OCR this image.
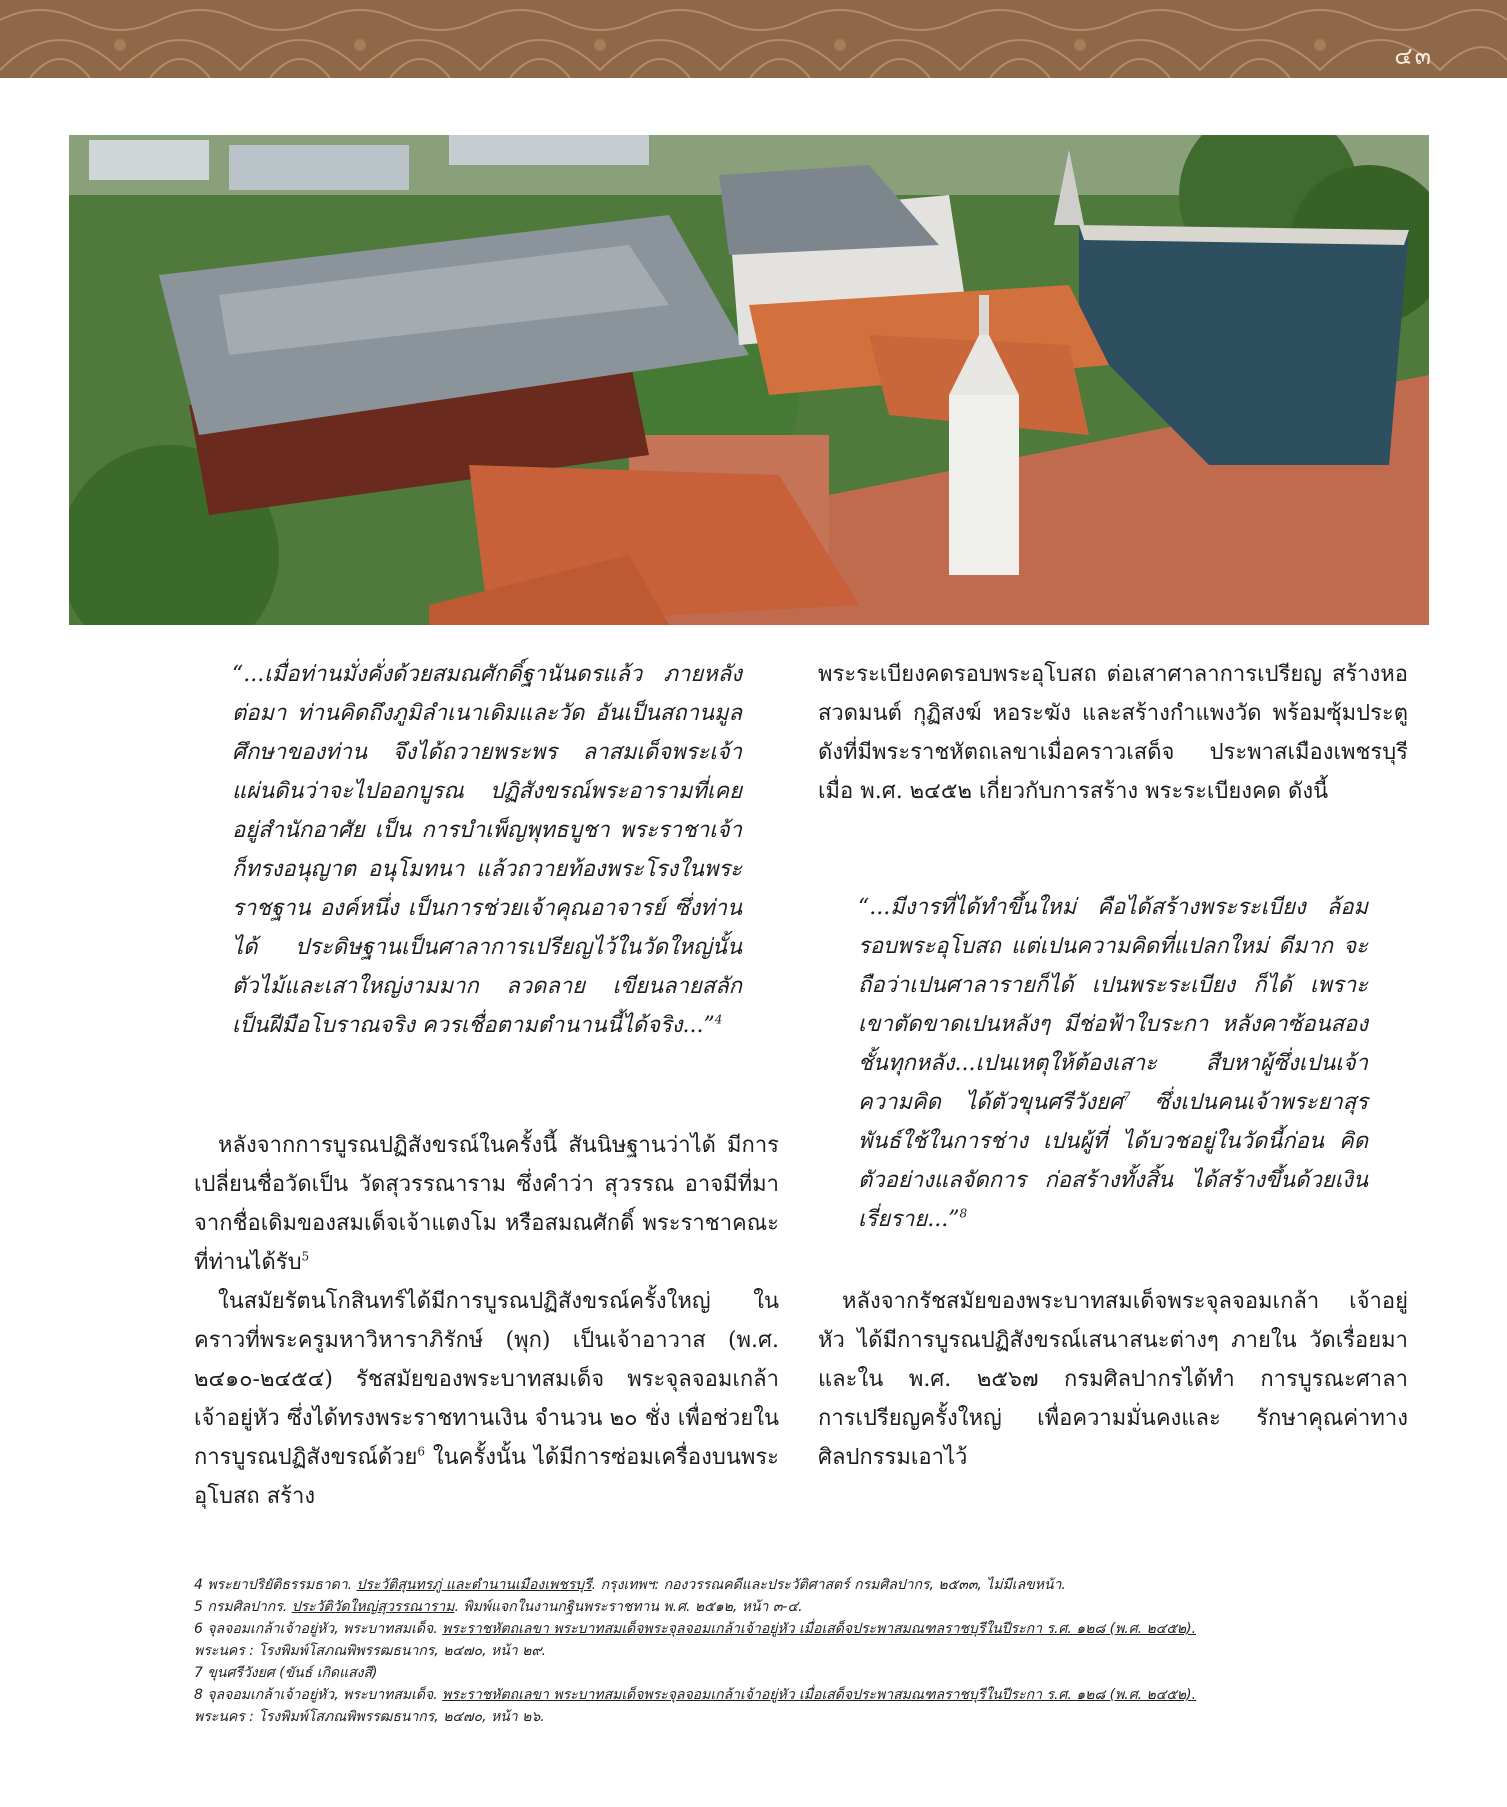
๔๓

“...เมื่อท่านมั่งคั่งด้วยสมณศักดิ์ฐานันดรแล้ว ภายหลังต่อมา ท่านคิดถึงภูมิลำเนาเดิมและวัด อันเป็นสถานมูลศึกษาของท่าน จึงได้ถวายพระพร ลาสมเด็จพระเจ้าแผ่นดินว่าจะไปออกบูรณ ปฏิสังขรณ์พระอารามที่เคยอยู่สำนักอาศัย เป็น การบำเพ็ญพุทธบูชา พระราชาเจ้าก็ทรงอนุญาต อนุโมทนา แล้วถวายท้องพระโรงในพระราชฐาน องค์หนึ่ง เป็นการช่วยเจ้าคุณอาจารย์ ซึ่งท่านได้ ประดิษฐานเป็นศาลาการเปรียญไว้ในวัดใหญ่นั้น ตัวไม้และเสาใหญ่งามมาก ลวดลาย เขียนลายสลัก เป็นฝีมือโบราณจริง ควรเชื่อตามตำนานนี้ได้จริง...”$^4$

หลังจากการบูรณปฏิสังขรณ์ในครั้งนี้ สันนิษฐานว่าได้ มีการเปลี่ยนชื่อวัดเป็น วัดสุวรรณาราม ซึ่งคำว่า สุวรรณ อาจมีที่มาจากชื่อเดิมของสมเด็จเจ้าแตงโม หรือสมณศักดิ์ พระราชาคณะที่ท่านได้รับ$^5$

ในสมัยรัตนโกสินทร์ได้มีการบูรณปฏิสังขรณ์ครั้งใหญ่ ในคราวที่พระครูมหาวิหาราภิรักษ์ (พุก) เป็นเจ้าอาวาส (พ.ศ. ๒๔๑๐-๒๔๕๔) รัชสมัยของพระบาทสมเด็จ พระจุลจอมเกล้าเจ้าอยู่หัว ซึ่งได้ทรงพระราชทานเงิน จำนวน ๒๐ ชั่ง เพื่อช่วยในการบูรณปฏิสังขรณ์ด้วย$^6$ ในครั้งนั้น ได้มีการซ่อมเครื่องบนพระอุโบสถ สร้าง

พระระเบียงคดรอบพระอุโบสถ ต่อเสาศาลาการเปรียญ สร้างหอสวดมนต์ กุฏิสงฆ์ หอระฆัง และสร้างกำแพงวัด พร้อมซุ้มประตู ดังที่มีพระราชหัตถเลขาเมื่อคราวเสด็จ ประพาสเมืองเพชรบุรี เมื่อ พ.ศ. ๒๔๕๒ เกี่ยวกับการสร้าง พระระเบียงคด ดังนี้

“...มีงารที่ได้ทำขึ้นใหม่ คือได้สร้างพระระเบียง ล้อมรอบพระอุโบสถ แต่เปนความคิดที่แปลกใหม่ ดีมาก จะถือว่าเปนศาลารายก็ได้ เปนพระระเบียง ก็ได้ เพราะเขาตัดขาดเปนหลังๆ มีช่อฟ้าใบระกา หลังคาซ้อนสองชั้นทุกหลัง...เปนเหตุให้ต้องเสาะ สืบหาผู้ซึ่งเปนเจ้าความคิด ได้ตัวขุนศรีวังยศ$^7$ ซึ่งเปนคนเจ้าพระยาสุรพันธ์ใช้ในการช่าง เปนผู้ที่ ได้บวชอยู่ในวัดนี้ก่อน คิดตัวอย่างแลจัดการ ก่อสร้างทั้งสิ้น ได้สร้างขึ้นด้วยเงินเรี่ยราย...”$^8$

หลังจากรัชสมัยของพระบาทสมเด็จพระจุลจอมเกล้า เจ้าอยู่หัว ได้มีการบูรณปฏิสังขรณ์เสนาสนะต่างๆ ภายใน วัดเรื่อยมา และใน พ.ศ. ๒๕๖๗ กรมศิลปากรได้ทำ การบูรณะศาลาการเปรียญครั้งใหญ่ เพื่อความมั่นคงและ รักษาคุณค่าทางศิลปกรรมเอาไว้

4 พระยาปริยัติธรรมธาดา. ประวัติสุนทรภู่ และตำนานเมืองเพชรบุรี. กรุงเทพฯ: กองวรรณคดีและประวัติศาสตร์ กรมศิลปากร, ๒๕๓๓, ไม่มีเลขหน้า.
5 กรมศิลปากร. ประวัติวัดใหญ่สุวรรณาราม. พิมพ์แจกในงานกฐินพระราชทาน พ.ศ. ๒๕๑๒, หน้า ๓-๔.
6 จุลจอมเกล้าเจ้าอยู่หัว, พระบาทสมเด็จ. พระราชหัตถเลขา พระบาทสมเด็จพระจุลจอมเกล้าเจ้าอยู่หัว เมื่อเสด็จประพาสมณฑลราชบุรีในปีระกา ร.ศ. ๑๒๘ (พ.ศ. ๒๔๕๒).
พระนคร : โรงพิมพ์โสภณพิพรรฒธนากร, ๒๔๗๐, หน้า ๒๙.
7 ขุนศรีวังยศ (ขันธ์ เกิดแสงสี)
8 จุลจอมเกล้าเจ้าอยู่หัว, พระบาทสมเด็จ. พระราชหัตถเลขา พระบาทสมเด็จพระจุลจอมเกล้าเจ้าอยู่หัว เมื่อเสด็จประพาสมณฑลราชบุรีในปีระกา ร.ศ. ๑๒๘ (พ.ศ. ๒๔๕๒).
พระนคร : โรงพิมพ์โสภณพิพรรฒธนากร, ๒๔๗๐, หน้า ๒๖.
